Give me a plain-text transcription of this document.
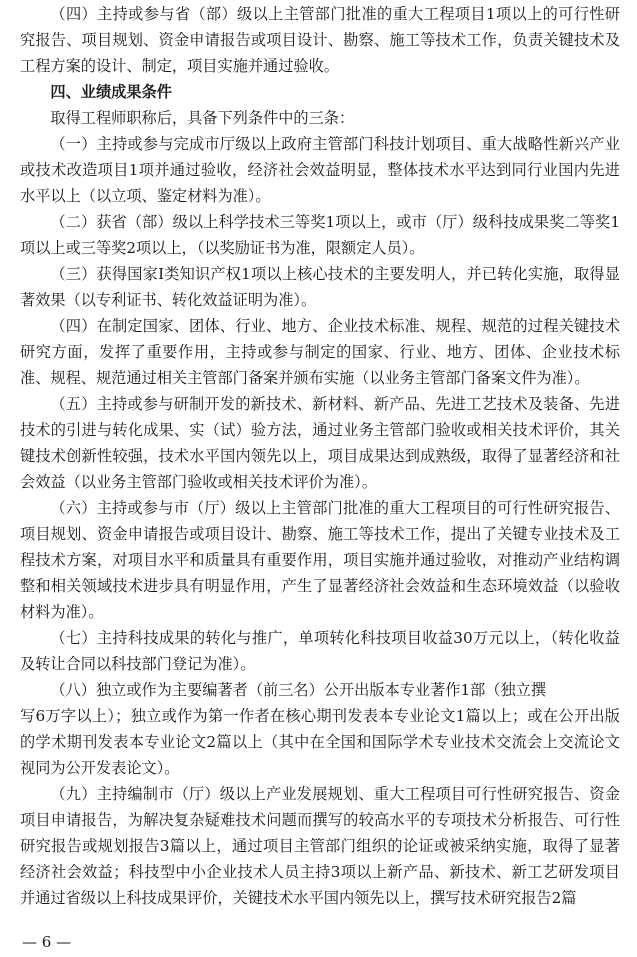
（四）主持或参与省（部）级以上主管部门批准的重大工程项目1项以上的可行性研究报告、项目规划、资金申请报告或项目设计、勘察、施工等技术工作，负责关键技术及工程方案的设计、制定，项目实施并通过验收。

四、业绩成果条件

取得工程师职称后，具备下列条件中的三条：

（一）主持或参与完成市厅级以上政府主管部门科技计划项目、重大战略性新兴产业或技术改造项目1项并通过验收，经济社会效益明显，整体技术水平达到同行业国内先进水平以上（以立项、鉴定材料为准）。

（二）获省（部）级以上科学技术三等奖1项以上，或市（厅）级科技成果奖二等奖1项以上或三等奖2项以上，（以奖励证书为准，限额定人员）。

（三）获得国家I类知识产权1项以上核心技术的主要发明人，并已转化实施，取得显著效果（以专利证书、转化效益证明为准）。

（四）在制定国家、团体、行业、地方、企业技术标准、规程、规范的过程关键技术研究方面，发挥了重要作用，主持或参与制定的国家、行业、地方、团体、企业技术标准、规程、规范通过相关主管部门备案并颁布实施（以业务主管部门备案文件为准）。

（五）主持或参与研制开发的新技术、新材料、新产品、先进工艺技术及装备、先进技术的引进与转化成果、实（试）验方法，通过业务主管部门验收或相关技术评价，其关键技术创新性较强，技术水平国内领先以上，项目成果达到成熟级，取得了显著经济和社会效益（以业务主管部门验收或相关技术评价为准）。

（六）主持或参与市（厅）级以上主管部门批准的重大工程项目的可行性研究报告、项目规划、资金申请报告或项目设计、勘察、施工等技术工作，提出了关键专业技术及工程技术方案，对项目水平和质量具有重要作用，项目实施并通过验收，对推动产业结构调整和相关领域技术进步具有明显作用，产生了显著经济社会效益和生态环境效益（以验收材料为准）。

（七）主持科技成果的转化与推广，单项转化科技项目收益30万元以上，（转化收益及转让合同以科技部门登记为准）。

（八）独立或作为主要编著者（前三名）公开出版本专业著作1部（独立撰

写6万字以上）；独立或作为第一作者在核心期刊发表本专业论文1篇以上；或在公开出版的学术期刊发表本专业论文2篇以上（其中在全国和国际学术专业技术交流会上交流论文视同为公开发表论文）。

（九）主持编制市（厅）级以上产业发展规划、重大工程项目可行性研究报告、资金项目申请报告，为解决复杂疑难技术问题而撰写的较高水平的专项技术分析报告、可行性研究报告或规划报告3篇以上，通过项目主管部门组织的论证或被采纳实施，取得了显著经济社会效益；科技型中小企业技术人员主持3项以上新产品、新技术、新工艺研发项目并通过省级以上科技成果评价，关键技术水平国内领先以上，撰写技术研究报告2篇

— 6 —
